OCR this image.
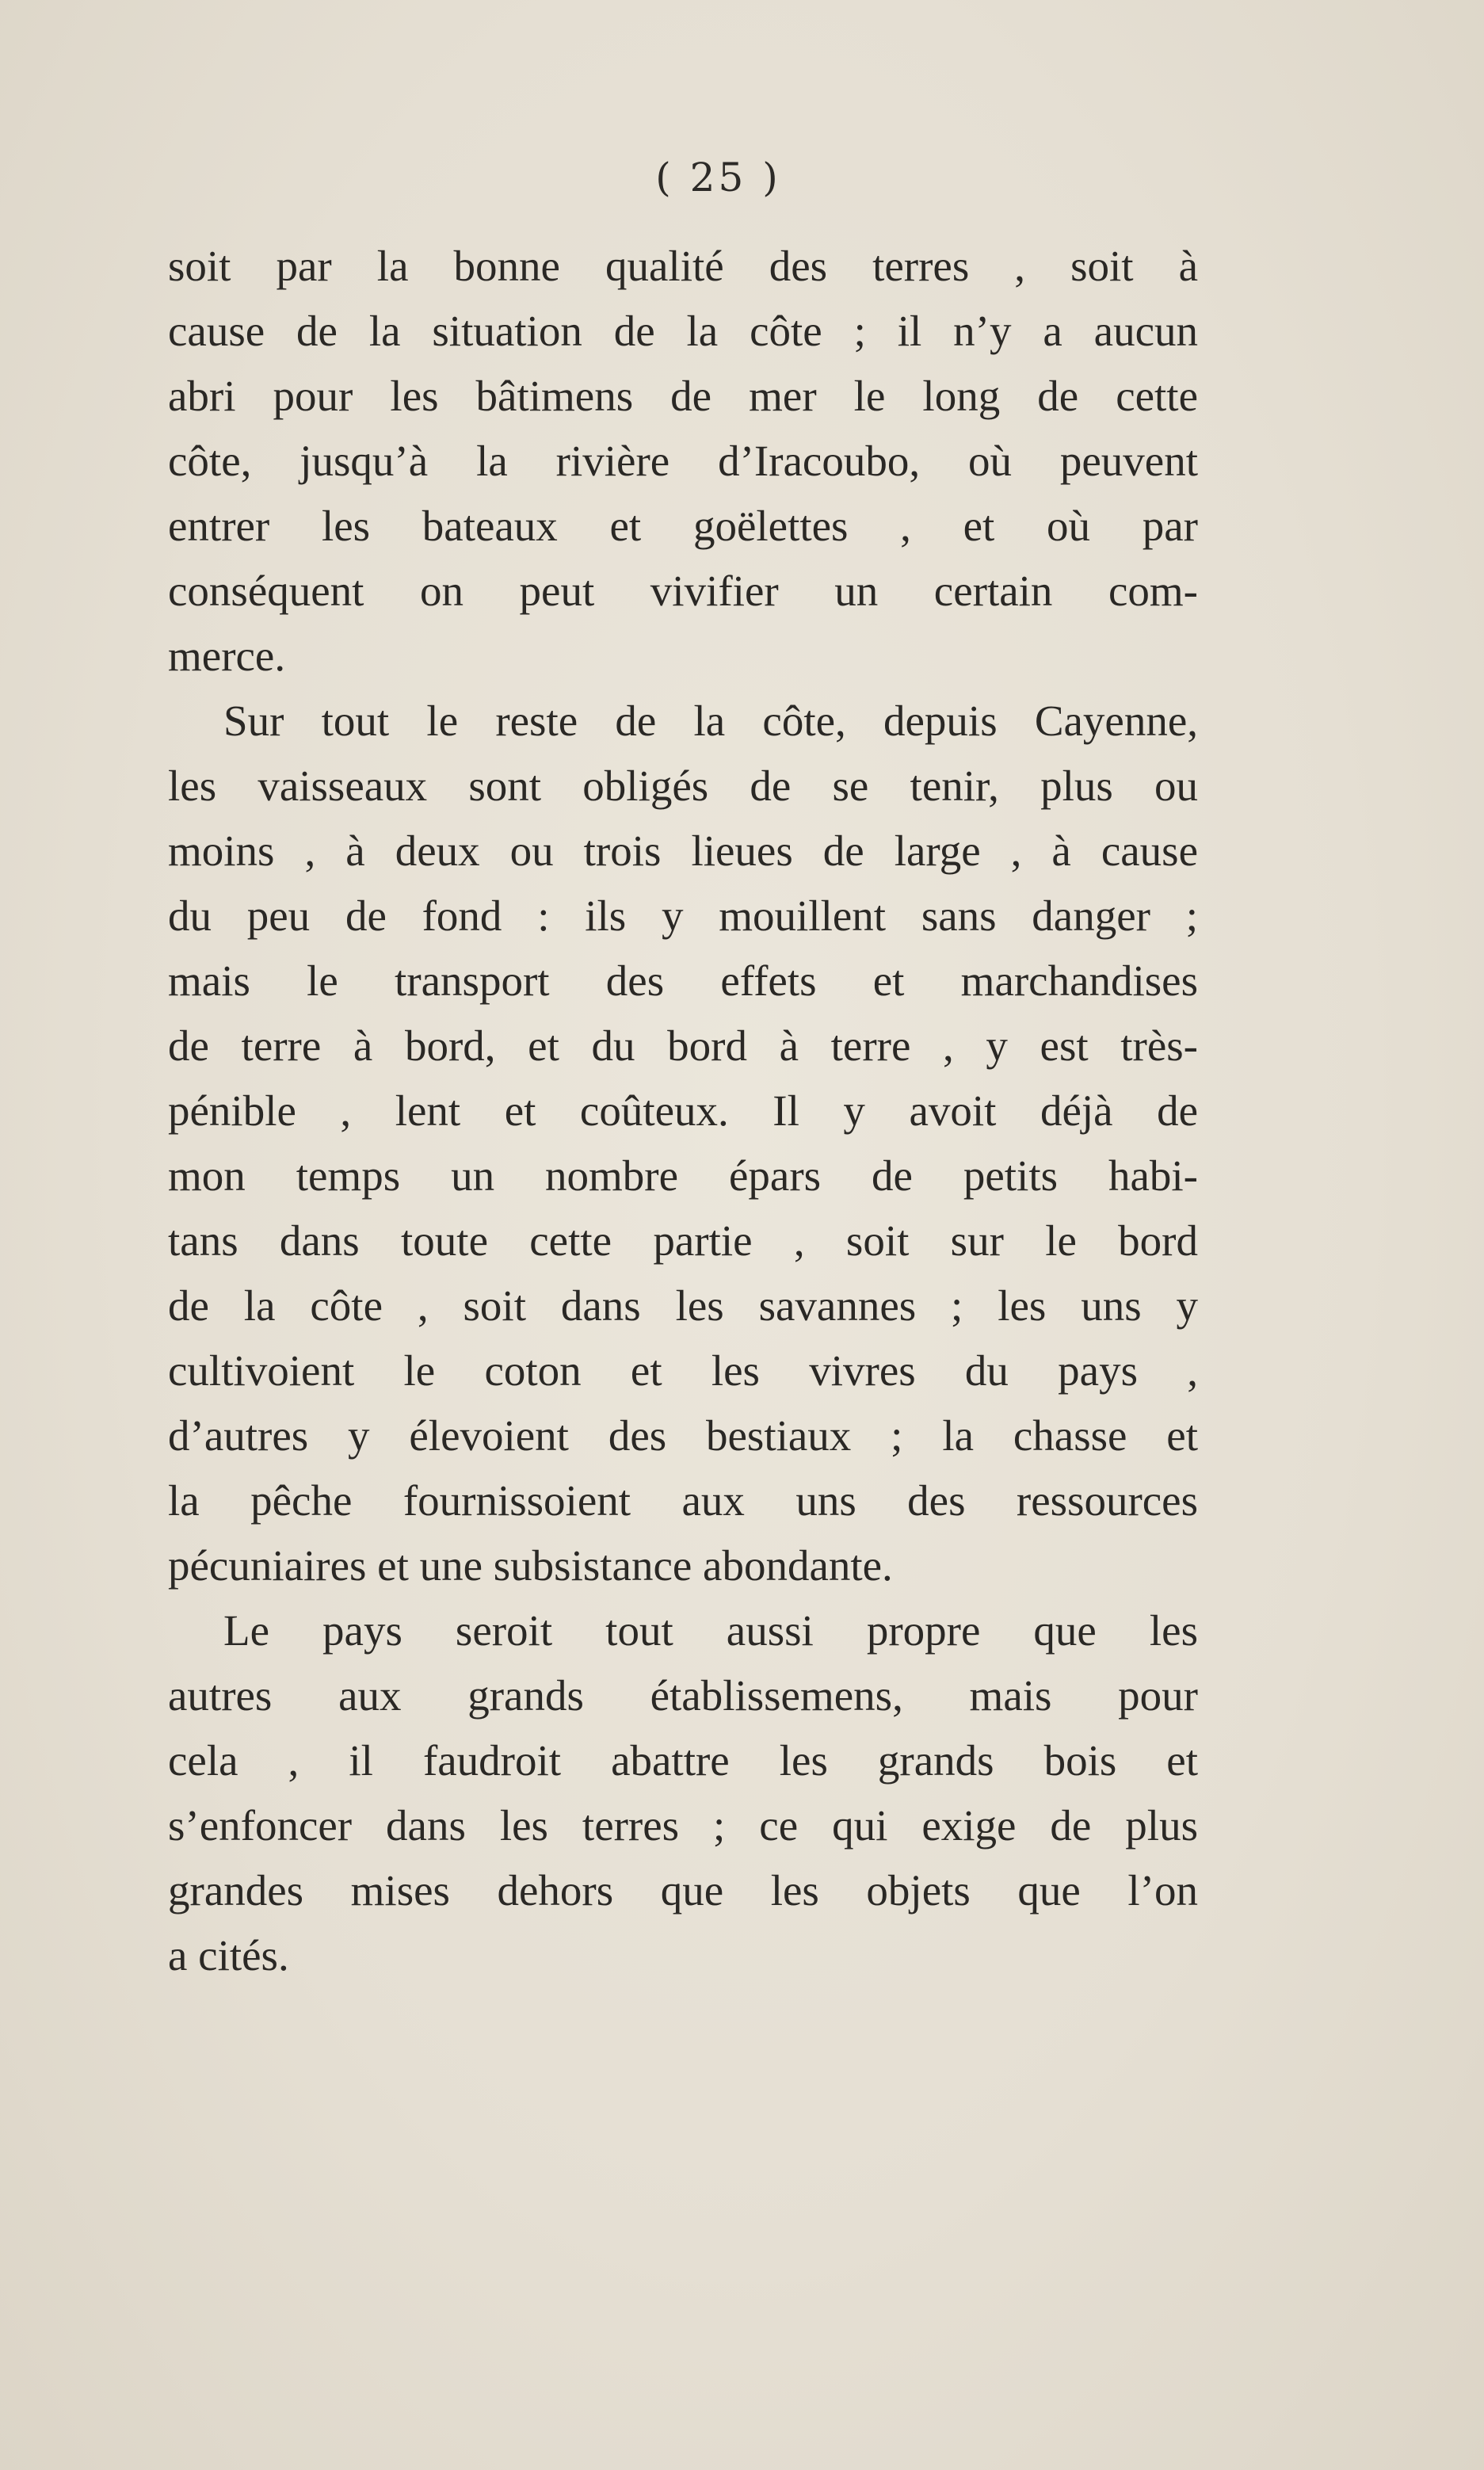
( 25 )
soit par la bonne qualité des terres , soit à
cause de la situation de la côte ; il n’y a aucun
abri pour les bâtimens de mer le long de cette
côte, jusqu’à la rivière d’Iracoubo, où peuvent
entrer les bateaux et goëlettes , et où par
conséquent on peut vivifier un certain com-
merce.
Sur tout le reste de la côte, depuis Cayenne,
les vaisseaux sont obligés de se tenir, plus ou
moins , à deux ou trois lieues de large , à cause
du peu de fond : ils y mouillent sans danger ;
mais le transport des effets et marchandises
de terre à bord, et du bord à terre , y est très-
pénible , lent et coûteux. Il y avoit déjà de
mon temps un nombre épars de petits habi-
tans dans toute cette partie , soit sur le bord
de la côte , soit dans les savannes ; les uns y
cultivoient le coton et les vivres du pays ,
d’autres y élevoient des bestiaux ; la chasse et
la pêche fournissoient aux uns des ressources
pécuniaires et une subsistance abondante.
Le pays seroit tout aussi propre que les
autres aux grands établissemens, mais pour
cela , il faudroit abattre les grands bois et
s’enfoncer dans les terres ; ce qui exige de plus
grandes mises dehors que les objets que l’on
a cités.
